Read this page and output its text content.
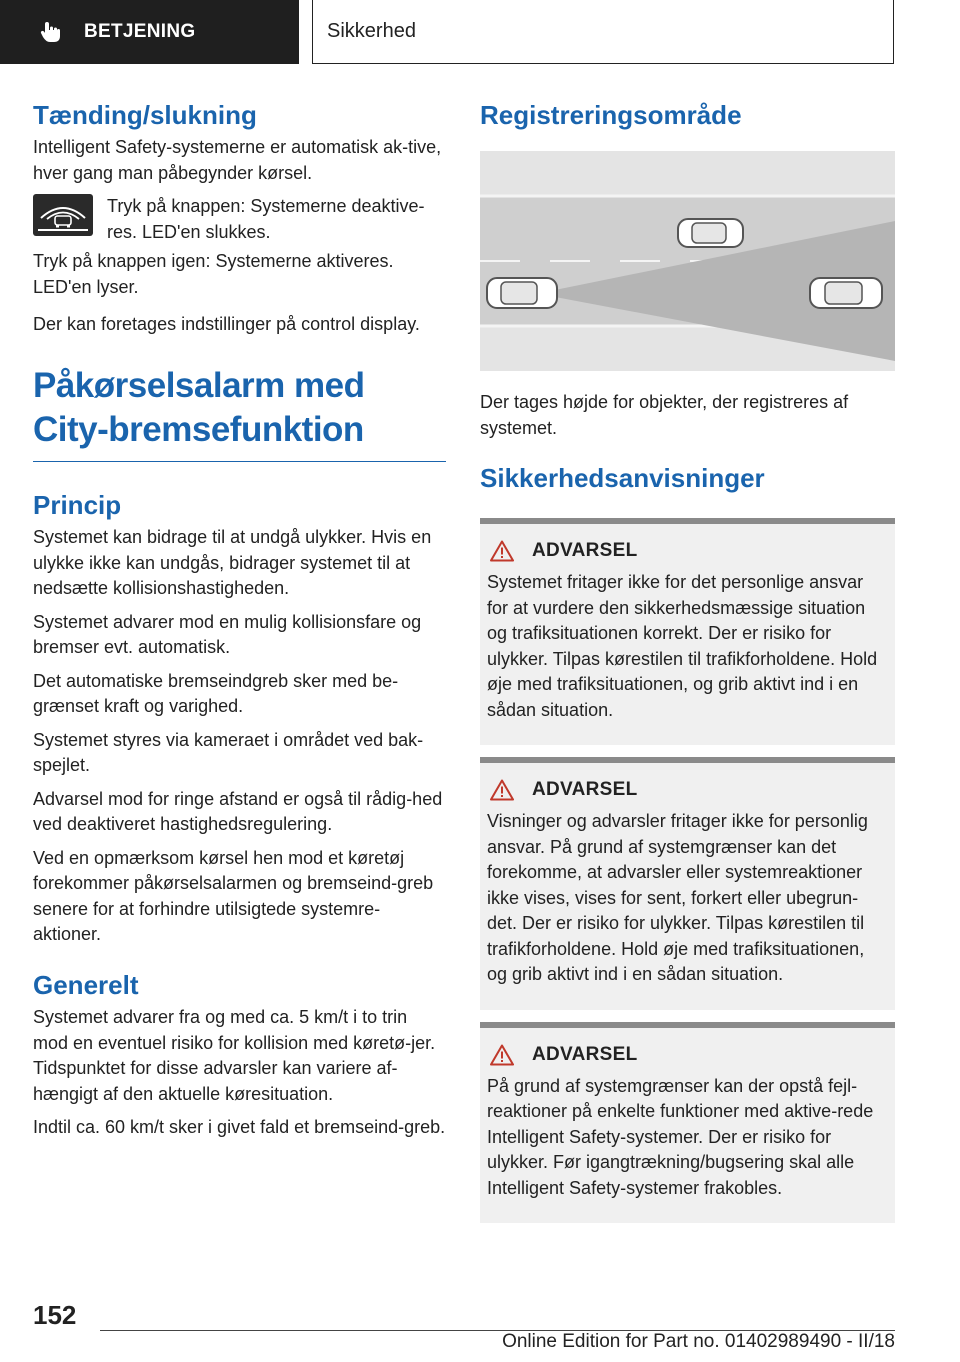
BETJENING	Sikkerhed
Tænding/slukning

Intelligent Safety-systemerne er automatisk ak-tive, hver gang man påbegynder kørsel.

Tryk på knappen: Systemerne deaktive-res. LED'en slukkes.

Tryk på knappen igen: Systemerne aktiveres. LED'en lyser.

Der kan foretages indstillinger på control display.

Påkørselsalarm med City-bremsefunktion
Princip

Systemet kan bidrage til at undgå ulykker. Hvis en ulykke ikke kan undgås, bidrager systemet til at nedsætte kollisionshastigheden.

Systemet advarer mod en mulig kollisionsfare og bremser evt. automatisk.

Det automatiske bremseindgreb sker med be-grænset kraft og varighed.

Systemet styres via kameraet i området ved bak-spejlet.

Advarsel mod for ringe afstand er også til rådig-hed ved deaktiveret hastighedsregulering.

Ved en opmærksom kørsel hen mod et køretøj forekommer påkørselsalarmen og bremseind-greb senere for at forhindre utilsigtede systemre-aktioner.

Generelt

Systemet advarer fra og med ca. 5 km/t i to trin mod en eventuel risiko for kollision med køretø-jer. Tidspunktet for disse advarsler kan variere af-hængigt af den aktuelle køresituation.

Indtil ca. 60 km/t sker i givet fald et bremseind-greb.

Registreringsområde

Der tages højde for objekter, der registreres af systemet.

Sikkerhedsanvisninger
ADVARSEL

Systemet fritager ikke for det personlige ansvar for at vurdere den sikkerhedsmæssige situation og trafiksituationen korrekt. Der er risiko for ulykker. Tilpas kørestilen til trafikforholdene. Hold øje med trafiksituationen, og grib aktivt ind i en sådan situation.

ADVARSEL

Visninger og advarsler fritager ikke for personlig ansvar. På grund af systemgrænser kan det forekomme, at advarsler eller systemreaktioner ikke vises, vises for sent, forkert eller ubegrun-det. Der er risiko for ulykker. Tilpas kørestilen til trafikforholdene. Hold øje med trafiksituationen, og grib aktivt ind i en sådan situation.

ADVARSEL

På grund af systemgrænser kan der opstå fejl-reaktioner på enkelte funktioner med aktive-rede Intelligent Safety-systemer. Der er risiko for ulykker. Før igangtrækning/bugsering skal alle Intelligent Safety-systemer frakobles.

152
Online Edition for Part no. 01402989490 - II/18
